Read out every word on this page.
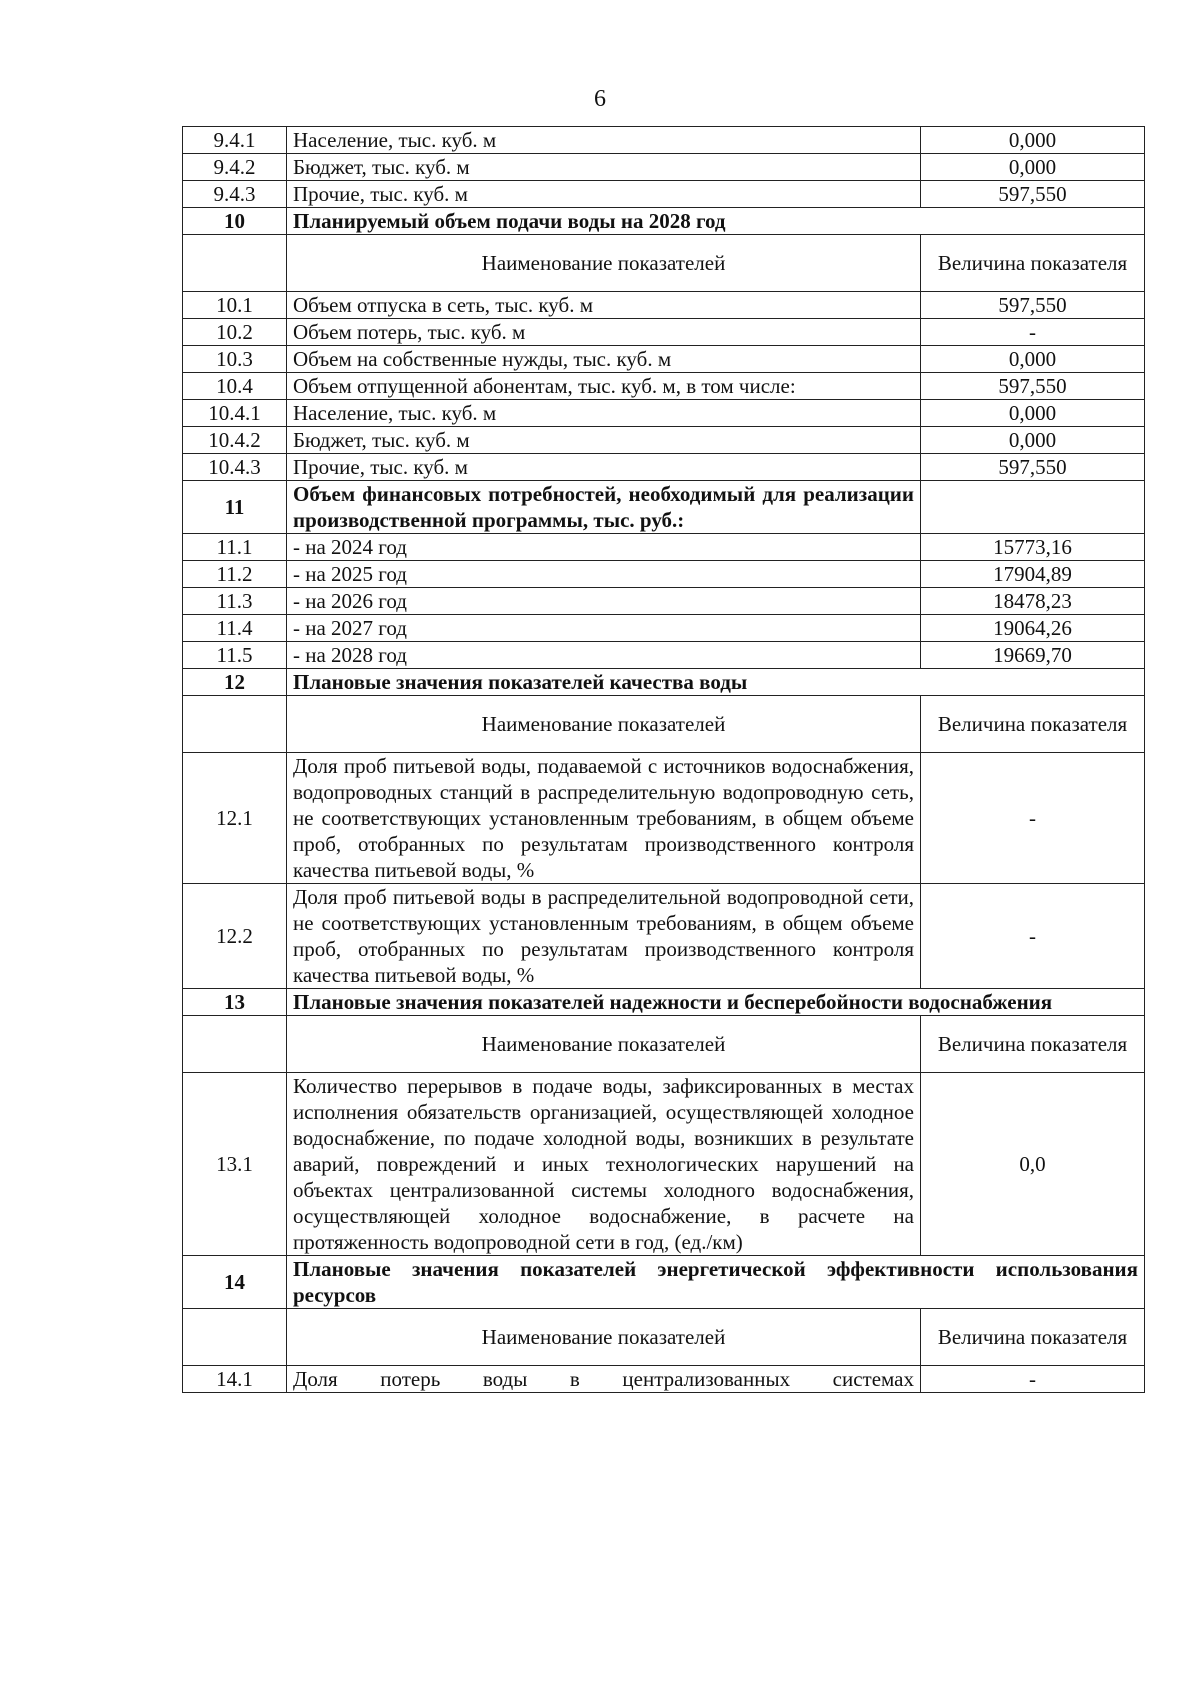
6
9.4.1	Население, тыс. куб. м	0,000
9.4.2	Бюджет, тыс. куб. м	0,000
9.4.3	Прочие, тыс. куб. м	597,550
10	Планируемый объем подачи воды на 2028 год	
	Наименование показателей	Величина показателя
10.1	Объем отпуска в сеть, тыс. куб. м	597,550
10.2	Объем потерь, тыс. куб. м	-
10.3	Объем на собственные нужды, тыс. куб. м	0,000
10.4	Объем отпущенной абонентам, тыс. куб. м, в том числе:	597,550
10.4.1	Население, тыс. куб. м	0,000
10.4.2	Бюджет, тыс. куб. м	0,000
10.4.3	Прочие, тыс. куб. м	597,550
11	Объем финансовых потребностей, необходимый для реализации производственной программы, тыс. руб.:	
11.1	- на 2024 год	15773,16
11.2	- на 2025 год	17904,89
11.3	- на 2026 год	18478,23
11.4	- на 2027 год	19064,26
11.5	- на 2028 год	19669,70
12	Плановые значения показателей качества воды	
	Наименование показателей	Величина показателя
12.1	Доля проб питьевой воды, подаваемой с источников водоснабжения, водопроводных станций в распределительную водопроводную сеть, не соответствующих установленным требованиям, в общем объеме проб, отобранных по результатам производственного контроля качества питьевой воды, %	-
12.2	Доля проб питьевой воды в распределительной водопроводной сети, не соответствующих установленным требованиям, в общем объеме проб, отобранных по результатам производственного контроля качества питьевой воды, %	-
13	Плановые значения показателей надежности и бесперебойности водоснабжения	
	Наименование показателей	Величина показателя
13.1	Количество перерывов в подаче воды, зафиксированных в местах исполнения обязательств организацией, осуществляющей холодное водоснабжение, по подаче холодной воды, возникших в результате аварий, повреждений и иных технологических нарушений на объектах централизованной системы холодного водоснабжения, осуществляющей холодное водоснабжение, в расчете на протяженность водопроводной сети в год, (ед./км)	0,0
14	Плановые значения показателей энергетической эффективности использования ресурсов	
	Наименование показателей	Величина показателя
14.1	Доля потерь воды в централизованных системах	-
